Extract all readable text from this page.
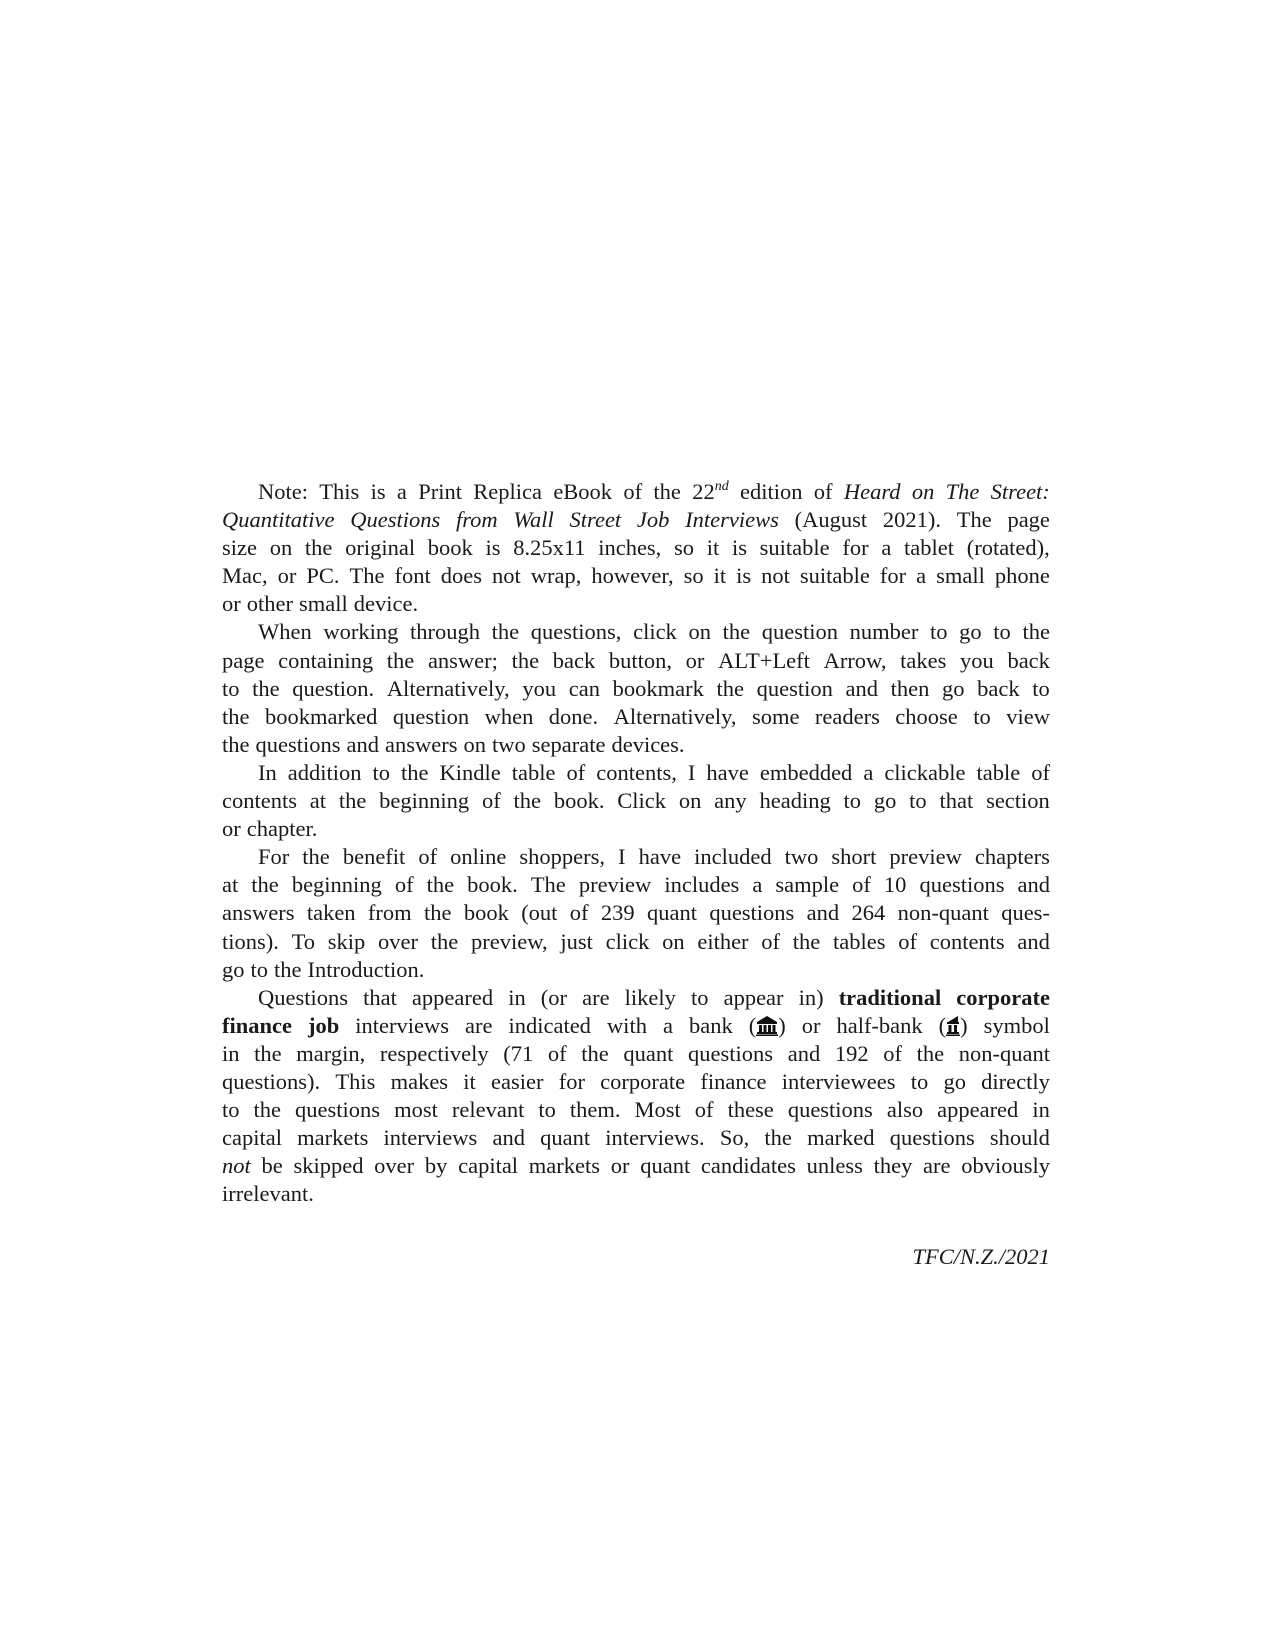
Note: This is a Print Replica eBook of the 22nd edition of Heard on The Street:
Quantitative Questions from Wall Street Job Interviews (August 2021). The page
size on the original book is 8.25x11 inches, so it is suitable for a tablet (rotated),
Mac, or PC. The font does not wrap, however, so it is not suitable for a small phone
or other small device.
When working through the questions, click on the question number to go to the
page containing the answer; the back button, or ALT+Left Arrow, takes you back
to the question. Alternatively, you can bookmark the question and then go back to
the bookmarked question when done. Alternatively, some readers choose to view
the questions and answers on two separate devices.
In addition to the Kindle table of contents, I have embedded a clickable table of
contents at the beginning of the book. Click on any heading to go to that section
or chapter.
For the benefit of online shoppers, I have included two short preview chapters
at the beginning of the book. The preview includes a sample of 10 questions and
answers taken from the book (out of 239 quant questions and 264 non-quant ques-
tions). To skip over the preview, just click on either of the tables of contents and
go to the Introduction.
Questions that appeared in (or are likely to appear in) traditional corporate
finance job interviews are indicated with a bank ( ) or half-bank ( ) symbol
in the margin, respectively (71 of the quant questions and 192 of the non-quant
questions). This makes it easier for corporate finance interviewees to go directly
to the questions most relevant to them. Most of these questions also appeared in
capital markets interviews and quant interviews. So, the marked questions should
not be skipped over by capital markets or quant candidates unless they are obviously
irrelevant.
TFC/N.Z./2021
